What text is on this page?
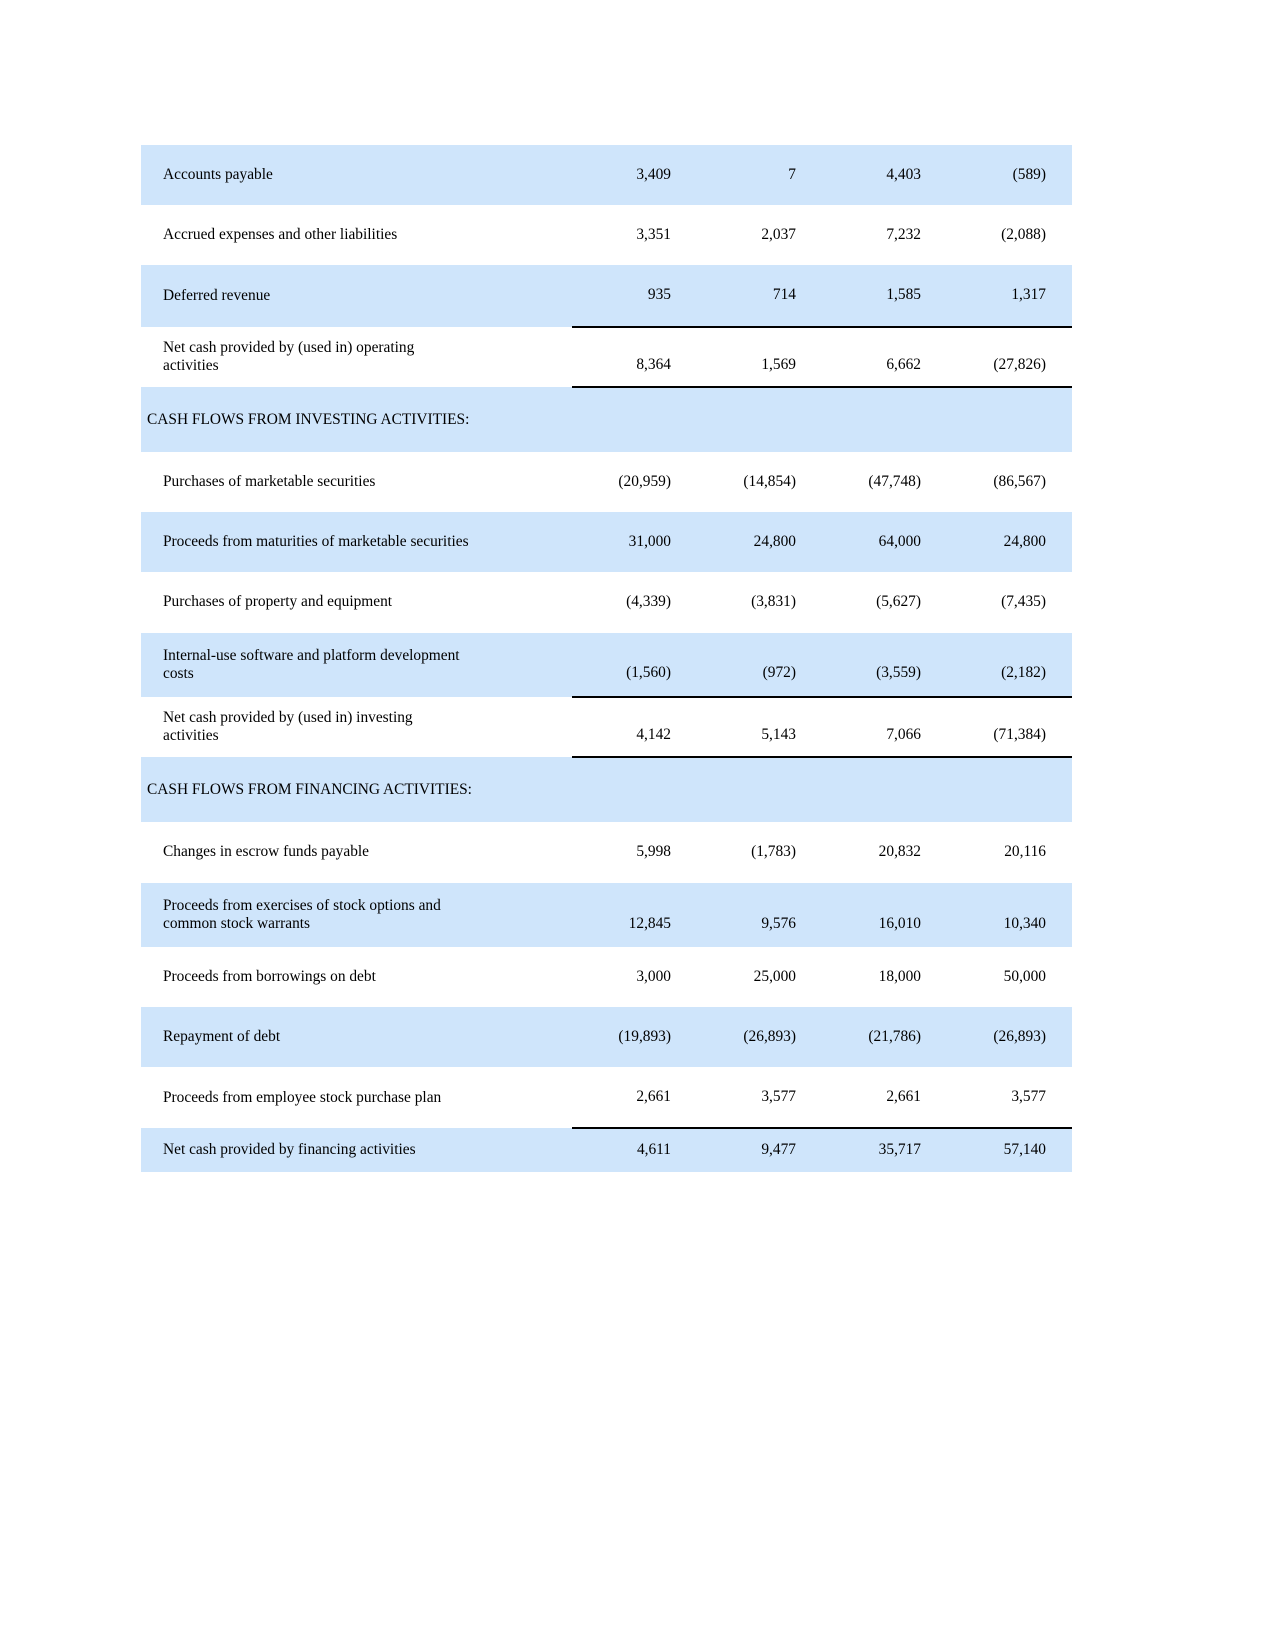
Accounts payable	3,409	7	4,403	(589)

Accrued expenses and other liabilities	3,351	2,037	7,232	(2,088)

Deferred revenue	935	714	1,585	1,317

Net cash provided by (used in) operating
activities	8,364	1,569	6,662	(27,826)

CASH FLOWS FROM INVESTING ACTIVITIES:				

Purchases of marketable securities	(20,959)	(14,854)	(47,748)	(86,567)

Proceeds from maturities of marketable securities	31,000	24,800	64,000	24,800

Purchases of property and equipment	(4,339)	(3,831)	(5,627)	(7,435)

Internal-use software and platform development
costs	(1,560)	(972)	(3,559)	(2,182)

Net cash provided by (used in) investing
activities	4,142	5,143	7,066	(71,384)

CASH FLOWS FROM FINANCING ACTIVITIES:				

Changes in escrow funds payable	5,998	(1,783)	20,832	20,116

Proceeds from exercises of stock options and
common stock warrants	12,845	9,576	16,010	10,340

Proceeds from borrowings on debt	3,000	25,000	18,000	50,000

Repayment of debt	(19,893)	(26,893)	(21,786)	(26,893)

Proceeds from employee stock purchase plan	2,661	3,577	2,661	3,577

Net cash provided by financing activities	4,611	9,477	35,717	57,140
